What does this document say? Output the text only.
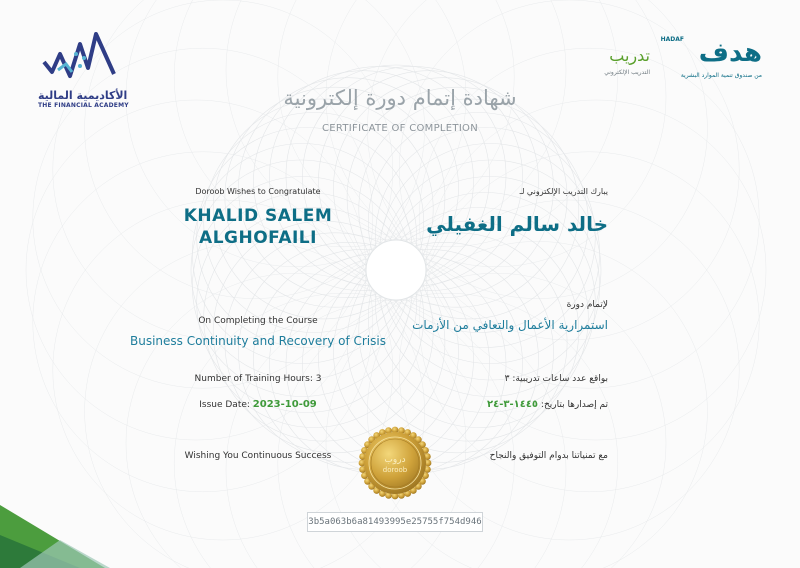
الأكاديمية المالية
THE FINANCIAL ACADEMY
تدريب
التدريب الإلكتروني
HADAF هدف
من صندوق تنمية الموارد البشرية
شهادة إتمام دورة إلكترونية
CERTIFICATE OF COMPLETION
Doroob Wishes to Congratulate
KHALID SALEM
ALGHOFAILI
يبارك التدريب الإلكتروني لـ
خالد سالم الغفيلي
On Completing the Course
Business Continuity and Recovery of Crisis
لإتمام دورة
استمرارية الأعمال والتعافي من الأزمات
Number of Training Hours: 3
Issue Date: 2023-10-09
بواقع عدد ساعات تدريبية: ٣
تم إصدارها بتاريخ: ١٤٤٥-٣-٢٤
Wishing You Continuous Success	مع تمنياتنا بدوام التوفيق والنجاح
دروب
doroob
3b5a063b6a81493995e25755f754d946
